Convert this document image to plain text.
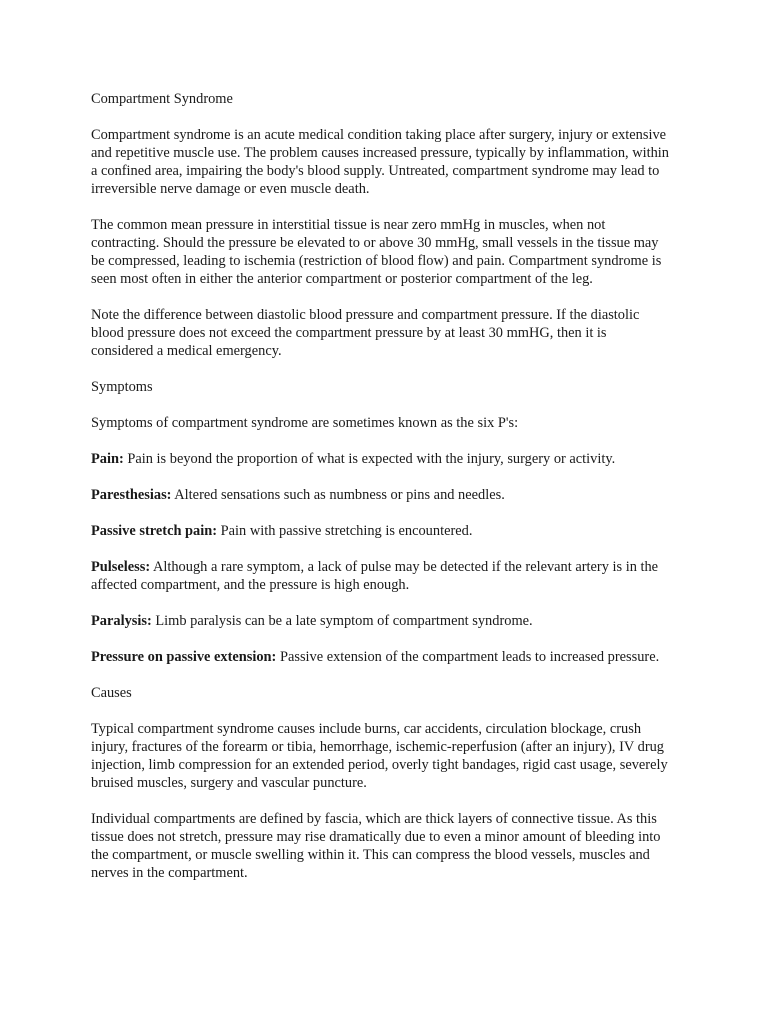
Compartment Syndrome

Compartment syndrome is an acute medical condition taking place after surgery, injury or extensive and repetitive muscle use. The problem causes increased pressure, typically by inflammation, within a confined area, impairing the body's blood supply. Untreated, compartment syndrome may lead to irreversible nerve damage or even muscle death.

The common mean pressure in interstitial tissue is near zero mmHg in muscles, when not contracting. Should the pressure be elevated to or above 30 mmHg, small vessels in the tissue may be compressed, leading to ischemia (restriction of blood flow) and pain. Compartment syndrome is seen most often in either the anterior compartment or posterior compartment of the leg.

Note the difference between diastolic blood pressure and compartment pressure. If the diastolic blood pressure does not exceed the compartment pressure by at least 30 mmHG, then it is considered a medical emergency.

Symptoms

Symptoms of compartment syndrome are sometimes known as the six P's:

Pain: Pain is beyond the proportion of what is expected with the injury, surgery or activity.

Paresthesias: Altered sensations such as numbness or pins and needles.

Passive stretch pain: Pain with passive stretching is encountered.

Pulseless: Although a rare symptom, a lack of pulse may be detected if the relevant artery is in the affected compartment, and the pressure is high enough.

Paralysis: Limb paralysis can be a late symptom of compartment syndrome.

Pressure on passive extension: Passive extension of the compartment leads to increased pressure.

Causes

Typical compartment syndrome causes include burns, car accidents, circulation blockage, crush injury, fractures of the forearm or tibia, hemorrhage, ischemic-reperfusion (after an injury), IV drug injection, limb compression for an extended period, overly tight bandages, rigid cast usage, severely bruised muscles, surgery and vascular puncture.

Individual compartments are defined by fascia, which are thick layers of connective tissue. As this tissue does not stretch, pressure may rise dramatically due to even a minor amount of bleeding into the compartment, or muscle swelling within it. This can compress the blood vessels, muscles and nerves in the compartment.
